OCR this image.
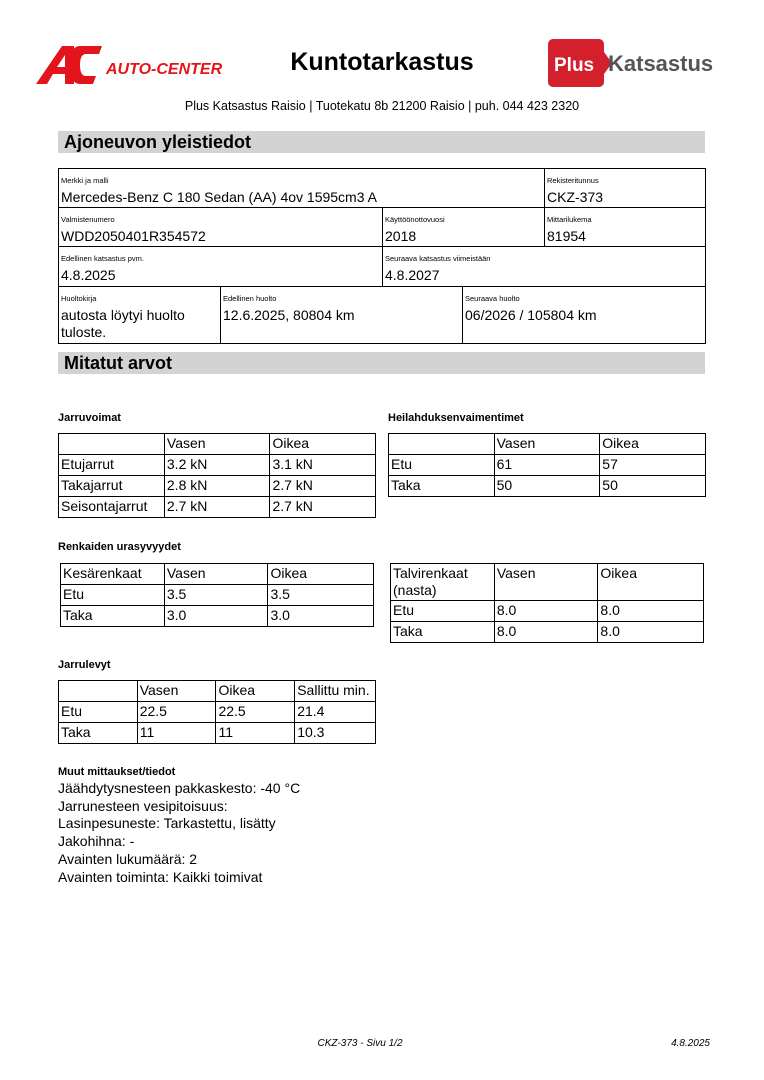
AUTO-CENTER	Kuntotarkastus	Plus Katsastus
Plus Katsastus Raisio | Tuotekatu 8b 21200 Raisio | puh. 044 423 2320
Ajoneuvon yleistiedot
Merkki ja malli
Mercedes-Benz C 180 Sedan (AA) 4ov 1595cm3 A
Rekisteritunnus
CKZ-373
Valmistenumero
WDD2050401R354572
Käyttöönottovuosi
2018
Mittarilukema
81954
Edellinen katsastus pvm.
4.8.2025
Seuraava katsastus viimeistään
4.8.2027
Huoltokirja
autosta löytyi huolto tuloste.
Edellinen huolto
12.6.2025, 80804 km
Seuraava huolto
06/2026 / 105804 km
Mitatut arvot
Jarruvoimat
	Vasen	Oikea
Etujarrut	3.2 kN	3.1 kN
Takajarrut	2.8 kN	2.7 kN
Seisontajarrut	2.7 kN	2.7 kN
Heilahduksenvaimentimet
	Vasen	Oikea
Etu	61	57
Taka	50	50
Renkaiden urasyvyydet
Kesärenkaat	Vasen	Oikea
Etu	3.5	3.5
Taka	3.0	3.0
Talvirenkaat (nasta)	Vasen	Oikea
Etu	8.0	8.0
Taka	8.0	8.0
Jarrulevyt
	Vasen	Oikea	Sallittu min.
Etu	22.5	22.5	21.4
Taka	11	11	10.3
Muut mittaukset/tiedot
Jäähdytysnesteen pakkaskesto: -40 °C
Jarrunesteen vesipitoisuus:
Lasinpesuneste: Tarkastettu, lisätty
Jakohihna: -
Avainten lukumäärä: 2
Avainten toiminta: Kaikki toimivat
CKZ-373 - Sivu 1/2	4.8.2025
